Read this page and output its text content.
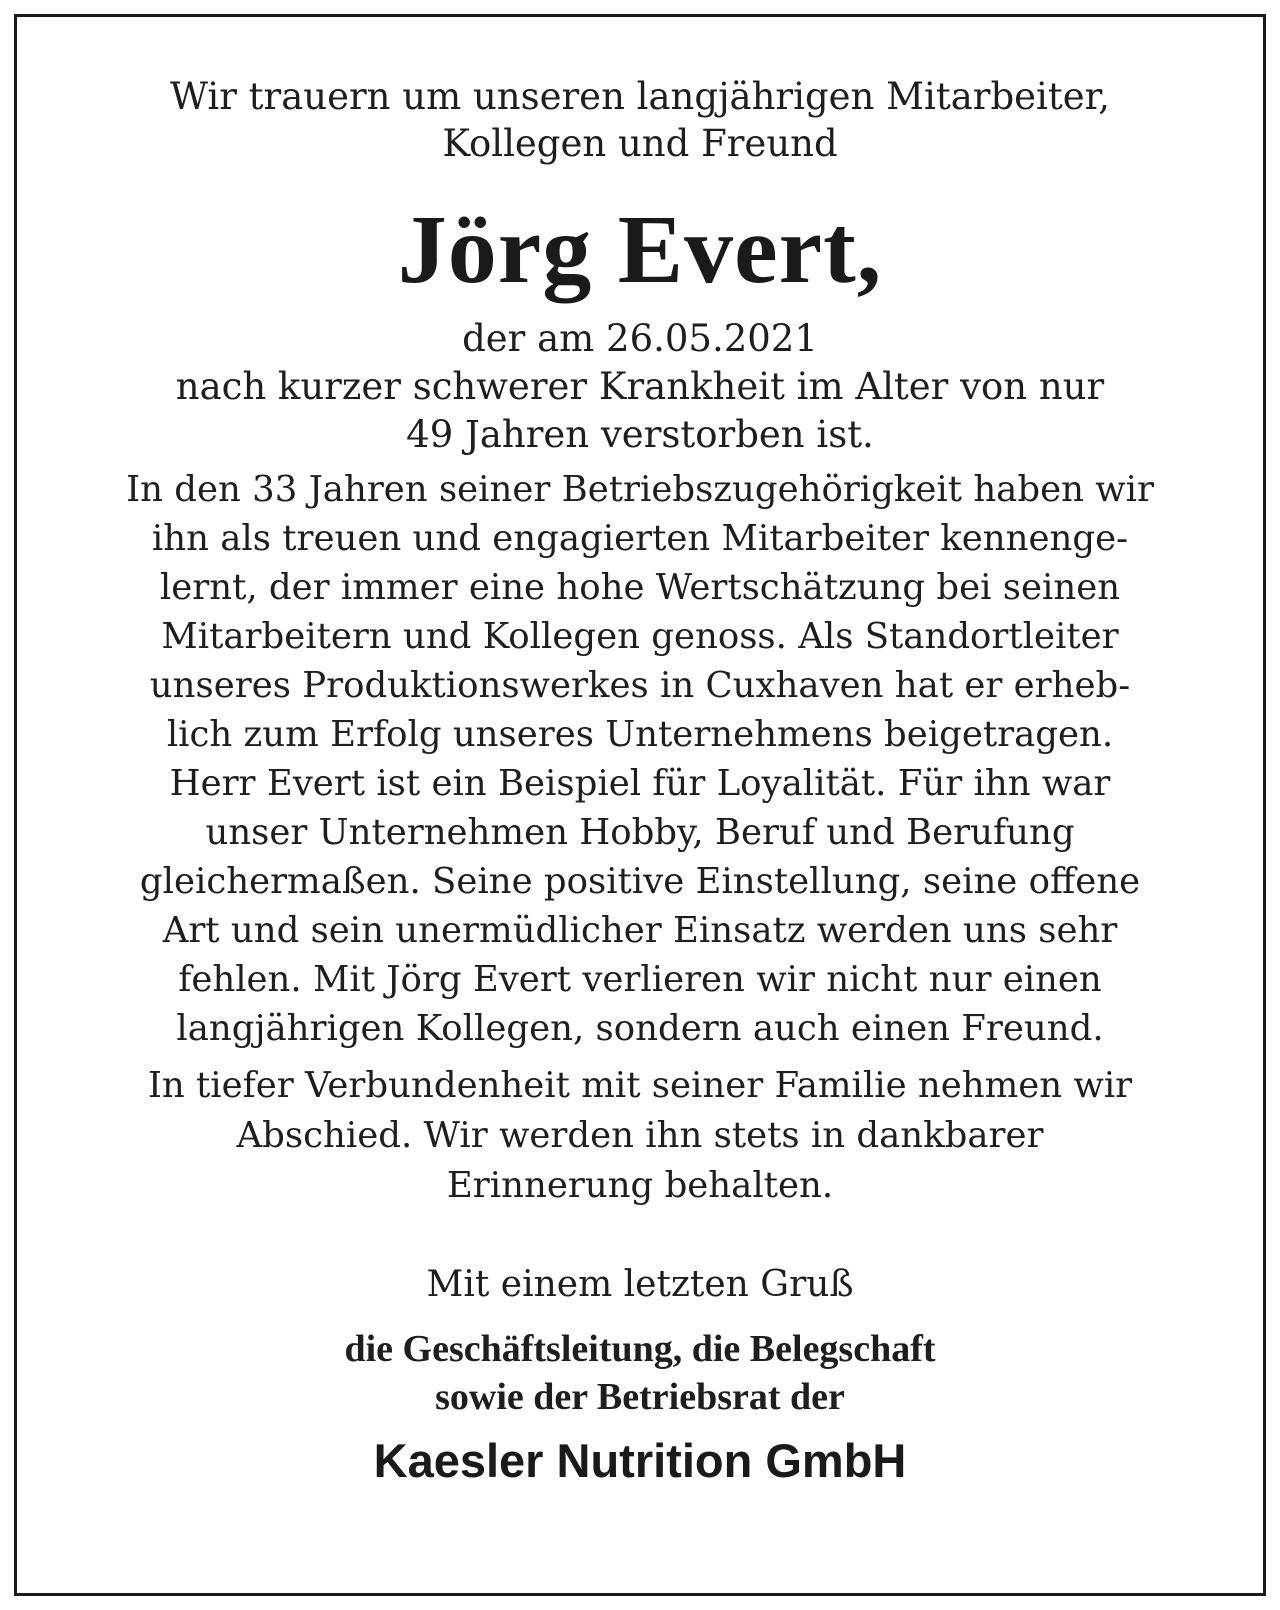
Wir trauern um unseren langjährigen Mitarbeiter,
Kollegen und Freund

Jörg Evert,

der am 26.05.2021
nach kurzer schwerer Krankheit im Alter von nur
49 Jahren verstorben ist.

In den 33 Jahren seiner Betriebszugehörigkeit haben wir
ihn als treuen und engagierten Mitarbeiter kennenge-
lernt, der immer eine hohe Wertschätzung bei seinen
Mitarbeitern und Kollegen genoss. Als Standortleiter
unseres Produktionswerkes in Cuxhaven hat er erheb-
lich zum Erfolg unseres Unternehmens beigetragen.
Herr Evert ist ein Beispiel für Loyalität. Für ihn war
unser Unternehmen Hobby, Beruf und Berufung
gleichermaßen. Seine positive Einstellung, seine offene
Art und sein unermüdlicher Einsatz werden uns sehr
fehlen. Mit Jörg Evert verlieren wir nicht nur einen
langjährigen Kollegen, sondern auch einen Freund.

In tiefer Verbundenheit mit seiner Familie nehmen wir
Abschied. Wir werden ihn stets in dankbarer
Erinnerung behalten.

Mit einem letzten Gruß

die Geschäftsleitung, die Belegschaft
sowie der Betriebsrat der

Kaesler Nutrition GmbH
